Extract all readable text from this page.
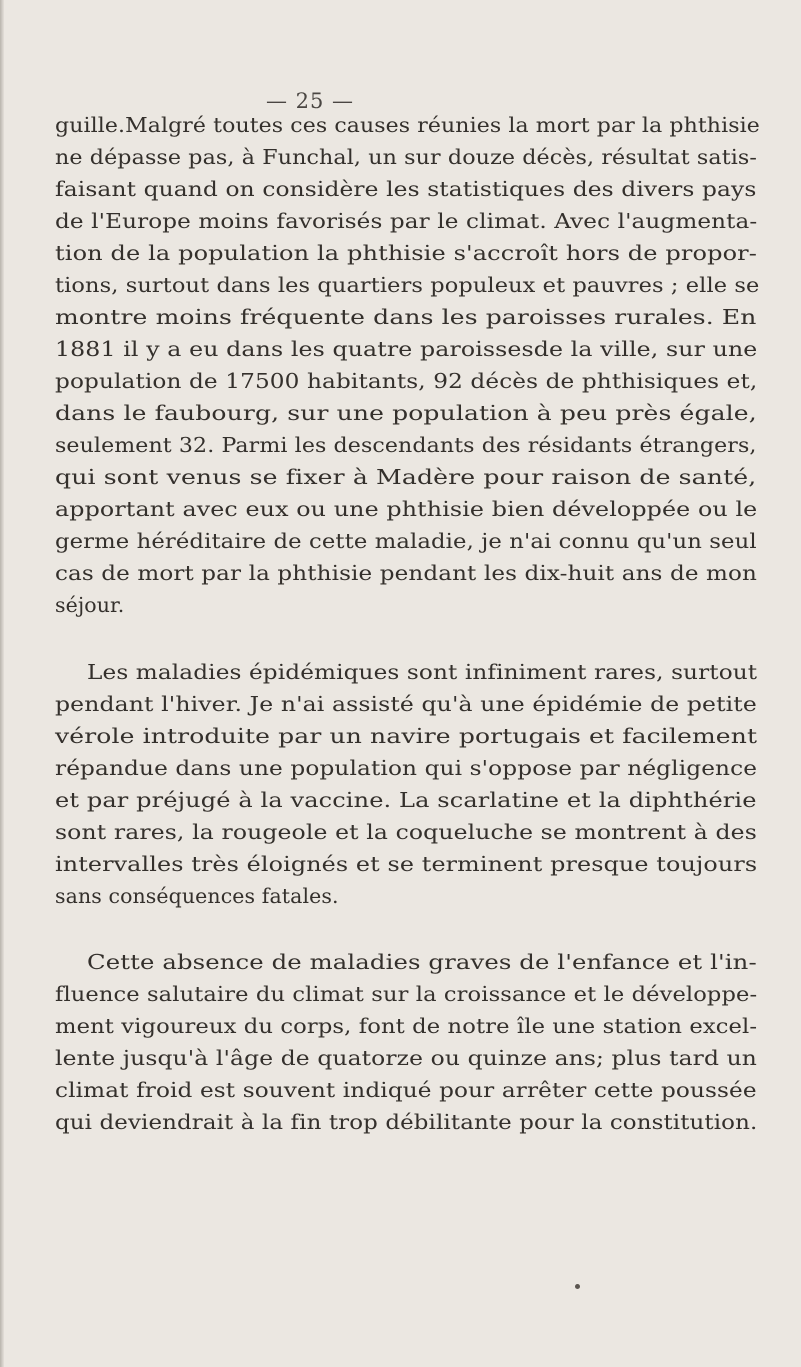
— 25 —
guille.Malgré toutes ces causes réunies la mort par la phthisie
ne dépasse pas, à Funchal, un sur douze décès, résultat satis-
faisant quand on considère les statistiques des divers pays
de l'Europe moins favorisés par le climat. Avec l'augmenta-
tion de la population la phthisie s'accroît hors de propor-
tions, surtout dans les quartiers populeux et pauvres ; elle se
montre moins fréquente dans les paroisses rurales. En
1881 il y a eu dans les quatre paroissesde la ville, sur une
population de 17500 habitants, 92 décès de phthisiques et,
dans le faubourg, sur une population à peu près égale,
seulement 32. Parmi les descendants des résidants étrangers,
qui sont venus se fixer à Madère pour raison de santé,
apportant avec eux ou une phthisie bien développée ou le
germe héréditaire de cette maladie, je n'ai connu qu'un seul
cas de mort par la phthisie pendant les dix-huit ans de mon
séjour.
Les maladies épidémiques sont infiniment rares, surtout
pendant l'hiver. Je n'ai assisté qu'à une épidémie de petite
vérole introduite par un navire portugais et facilement
répandue dans une population qui s'oppose par négligence
et par préjugé à la vaccine. La scarlatine et la diphthérie
sont rares, la rougeole et la coqueluche se montrent à des
intervalles très éloignés et se terminent presque toujours
sans conséquences fatales.
Cette absence de maladies graves de l'enfance et l'in-
fluence salutaire du climat sur la croissance et le développe-
ment vigoureux du corps, font de notre île une station excel-
lente jusqu'à l'âge de quatorze ou quinze ans; plus tard un
climat froid est souvent indiqué pour arrêter cette poussée
qui deviendrait à la fin trop débilitante pour la constitution.
